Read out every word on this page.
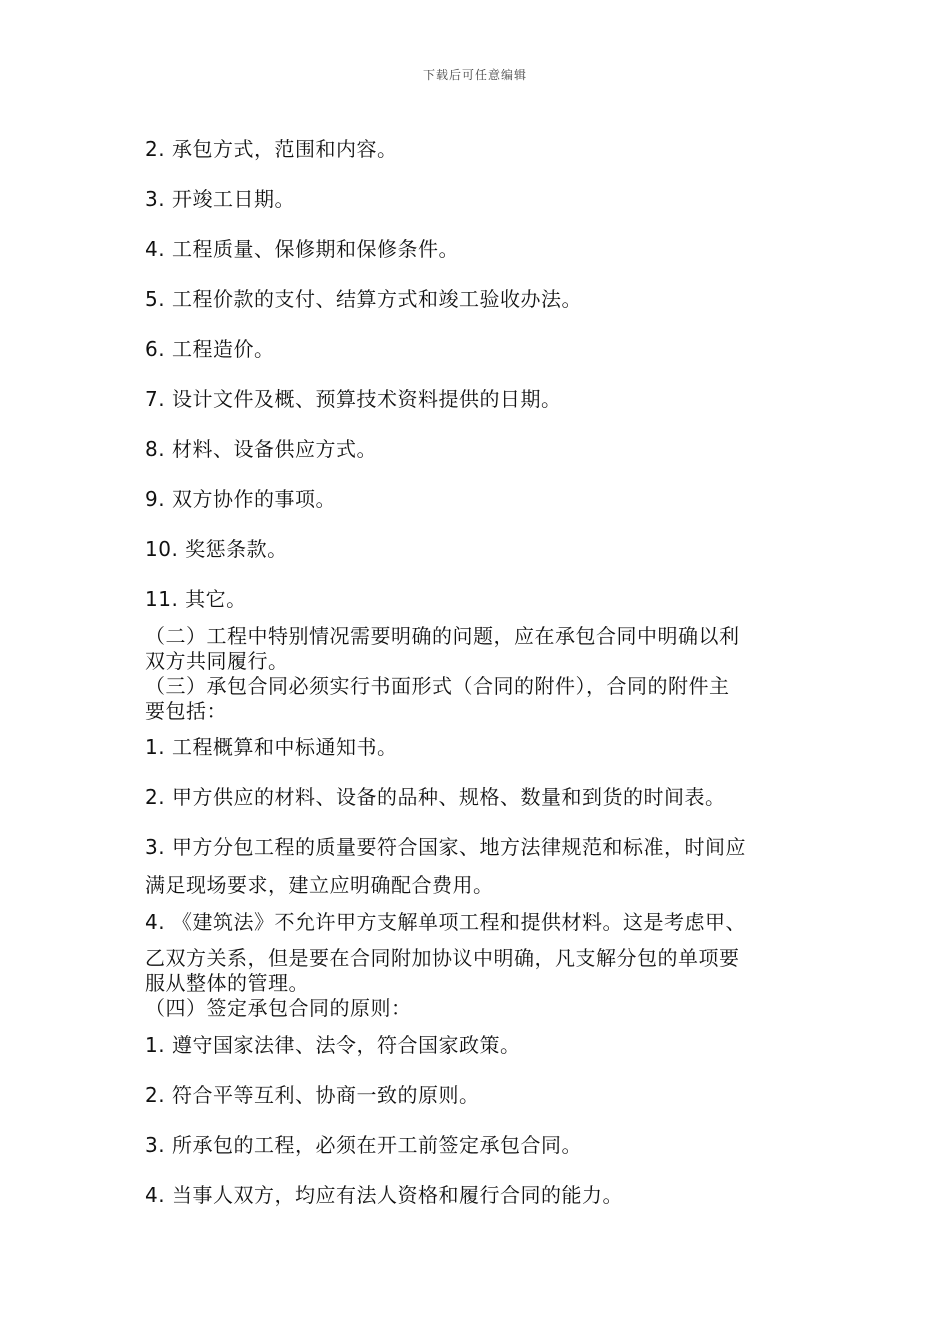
下载后可任意编辑
2. 承包方式，范围和内容。
3. 开竣工日期。
4. 工程质量、保修期和保修条件。
5. 工程价款的支付、结算方式和竣工验收办法。
6. 工程造价。
7. 设计文件及概、预算技术资料提供的日期。
8. 材料、设备供应方式。
9. 双方协作的事项。
10. 奖惩条款。
11. 其它。
（二）工程中特别情况需要明确的问题，应在承包合同中明确以利
双方共同履行。
（三）承包合同必须实行书面形式（合同的附件），合同的附件主
要包括：
1. 工程概算和中标通知书。
2. 甲方供应的材料、设备的品种、规格、数量和到货的时间表。
3. 甲方分包工程的质量要符合国家、地方法律规范和标准，时间应
满足现场要求，建立应明确配合费用。
4. 《建筑法》不允许甲方支解单项工程和提供材料。这是考虑甲、
乙双方关系，但是要在合同附加协议中明确，凡支解分包的单项要
服从整体的管理。
（四）签定承包合同的原则：
1. 遵守国家法律、法令，符合国家政策。
2. 符合平等互利、协商一致的原则。
3. 所承包的工程，必须在开工前签定承包合同。
4. 当事人双方，均应有法人资格和履行合同的能力。
